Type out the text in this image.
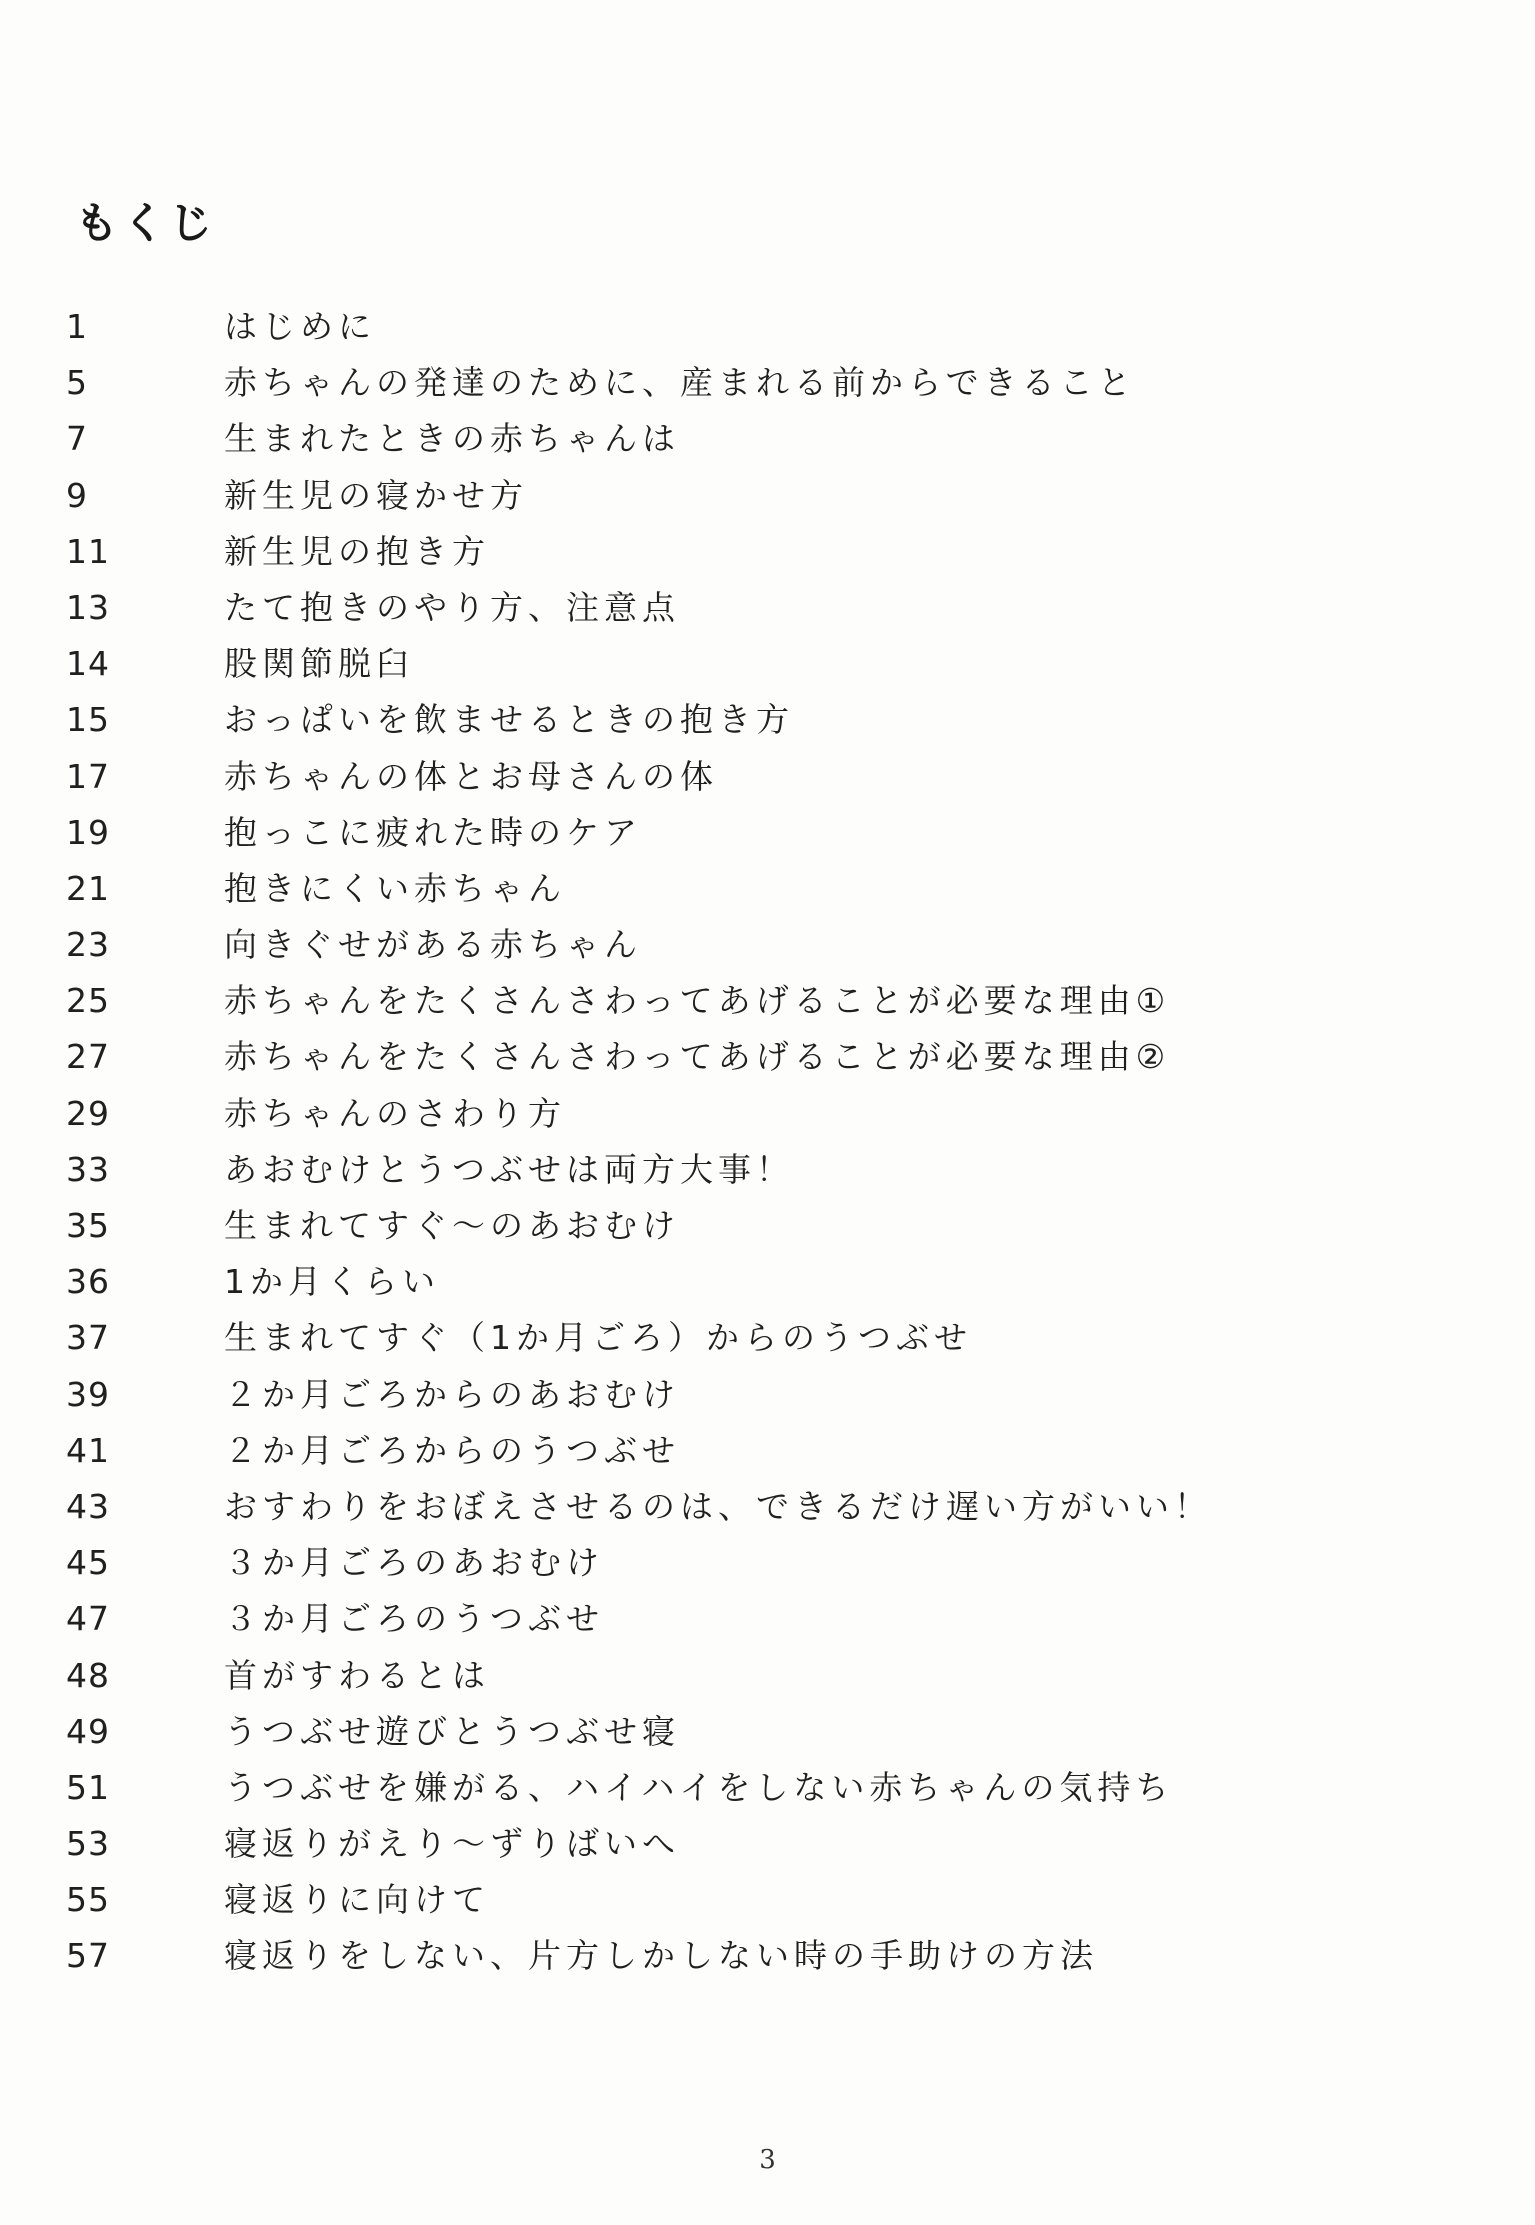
もくじ
1	はじめに
5	赤ちゃんの発達のために、産まれる前からできること
7	生まれたときの赤ちゃんは
9	新生児の寝かせ方
11	新生児の抱き方
13	たて抱きのやり方、注意点
14	股関節脱臼
15	おっぱいを飲ませるときの抱き方
17	赤ちゃんの体とお母さんの体
19	抱っこに疲れた時のケア
21	抱きにくい赤ちゃん
23	向きぐせがある赤ちゃん
25	赤ちゃんをたくさんさわってあげることが必要な理由①
27	赤ちゃんをたくさんさわってあげることが必要な理由②
29	赤ちゃんのさわり方
33	あおむけとうつぶせは両方大事！
35	生まれてすぐ～のあおむけ
36	1か月くらい
37	生まれてすぐ（1か月ごろ）からのうつぶせ
39	２か月ごろからのあおむけ
41	２か月ごろからのうつぶせ
43	おすわりをおぼえさせるのは、できるだけ遅い方がいい！
45	３か月ごろのあおむけ
47	３か月ごろのうつぶせ
48	首がすわるとは
49	うつぶせ遊びとうつぶせ寝
51	うつぶせを嫌がる、ハイハイをしない赤ちゃんの気持ち
53	寝返りがえり～ずりばいへ
55	寝返りに向けて
57	寝返りをしない、片方しかしない時の手助けの方法
3
